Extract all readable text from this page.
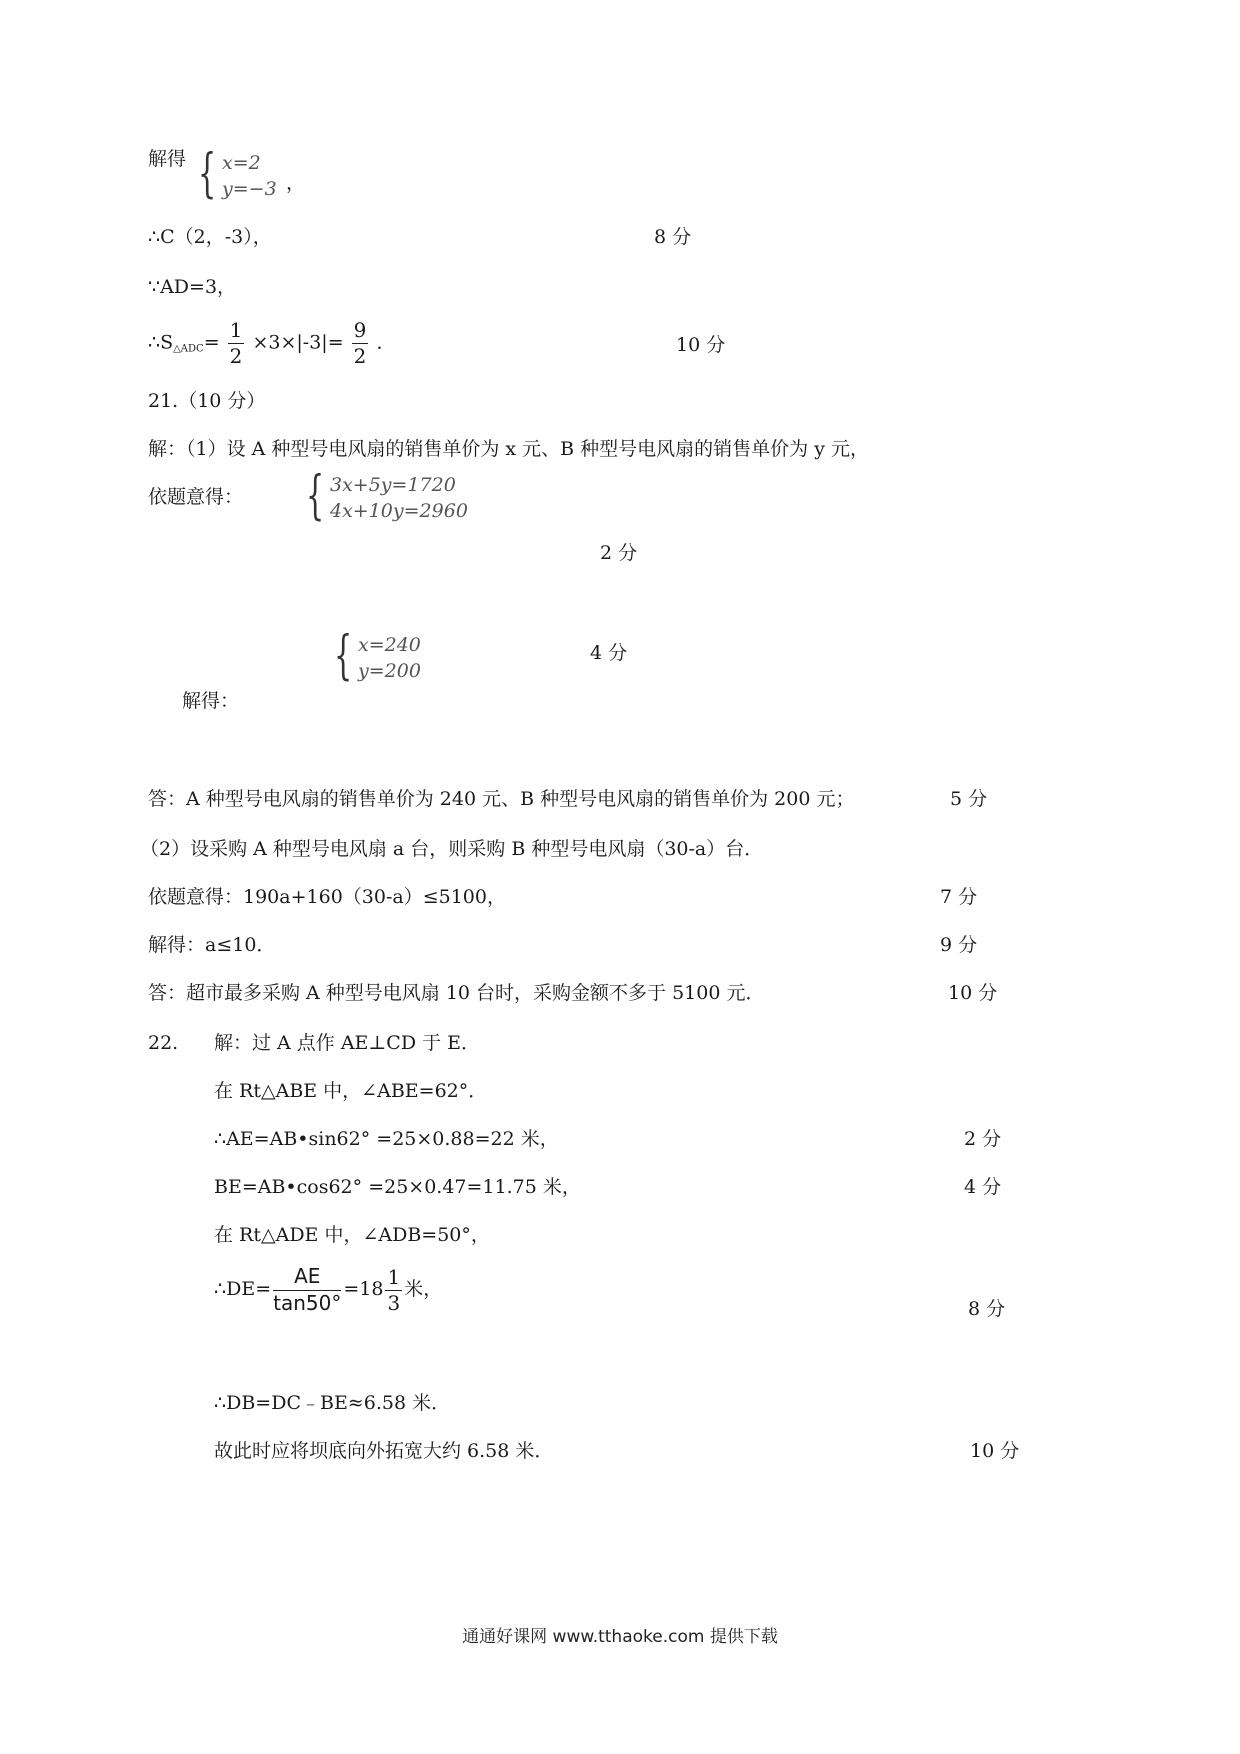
解得 { x=2
y=−3 ，
∴C（2，-3），	8 分
∵AD=3，
$\therefore S_{\triangle ADC}= \frac{1}{2} \times 3\times|-3|= \frac{9}{2}$ ．	10 分
21.（10 分）
解：（1）设 A 种型号电风扇的销售单价为 x 元、B 种型号电风扇的销售单价为 y 元，
依题意得： { 3x+5y=1720
4x+10y=2960
2 分
{ x=240
y=200
4 分
解得：
答：A 种型号电风扇的销售单价为 240 元、B 种型号电风扇的销售单价为 200 元；	5 分
（2）设采购 A 种型号电风扇 a 台，则采购 B 种型号电风扇（30-a）台．
依题意得：190a+160（30-a）≤5100，	7 分
解得：a≤10．	9 分
答：超市最多采购 A 种型号电风扇 10 台时，采购金额不多于 5100 元．	10 分
22. 解：过 A 点作 AE⊥CD 于 E．
在 Rt△ABE 中，∠ABE=62°．
∴AE=AB•sin62° =25×0.88=22 米，	2 分
BE=AB•cos62° =25×0.47=11.75 米，	4 分
在 Rt△ADE 中，∠ADB=50°，
∴DE= $\frac{AE}{\tan 50^\circ} =18 \frac{1}{3}$ 米，
8 分
∴DB=DC﹣BE≈6.58 米．
故此时应将坝底向外拓宽大约 6.58 米．	10 分
通通好课网 www.tthaoke.com 提供下载
